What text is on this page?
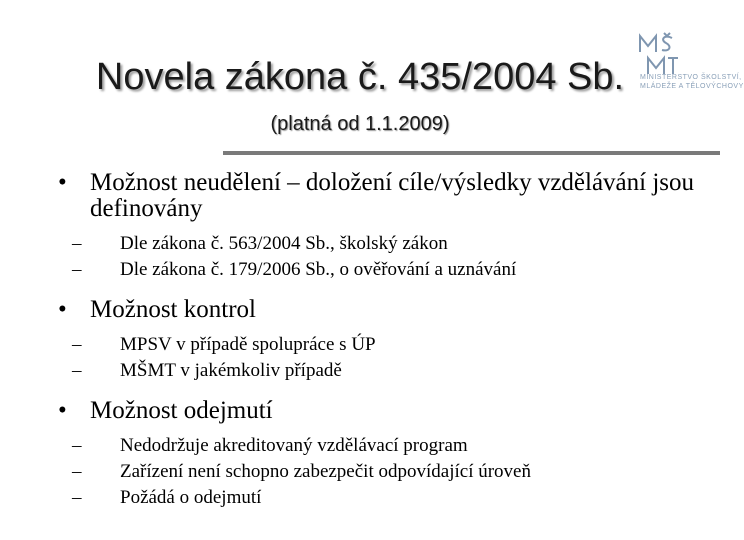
Novela zákona č. 435/2004 Sb.
(platná od 1.1.2009)
MINISTERSTVO ŠKOLSTVÍ,
MLÁDEŽE A TĚLOVÝCHOVY
• Možnost neudělení – doložení cíle/výsledky vzdělávání jsou definovány
– Dle zákona č. 563/2004 Sb., školský zákon
– Dle zákona č. 179/2006 Sb., o ověřování a uznávání
• Možnost kontrol
– MPSV v případě spolupráce s ÚP
– MŠMT v jakémkoliv případě
• Možnost odejmutí
– Nedodržuje akreditovaný vzdělávací program
– Zařízení není schopno zabezpečit odpovídající úroveň
– Požádá o odejmutí
